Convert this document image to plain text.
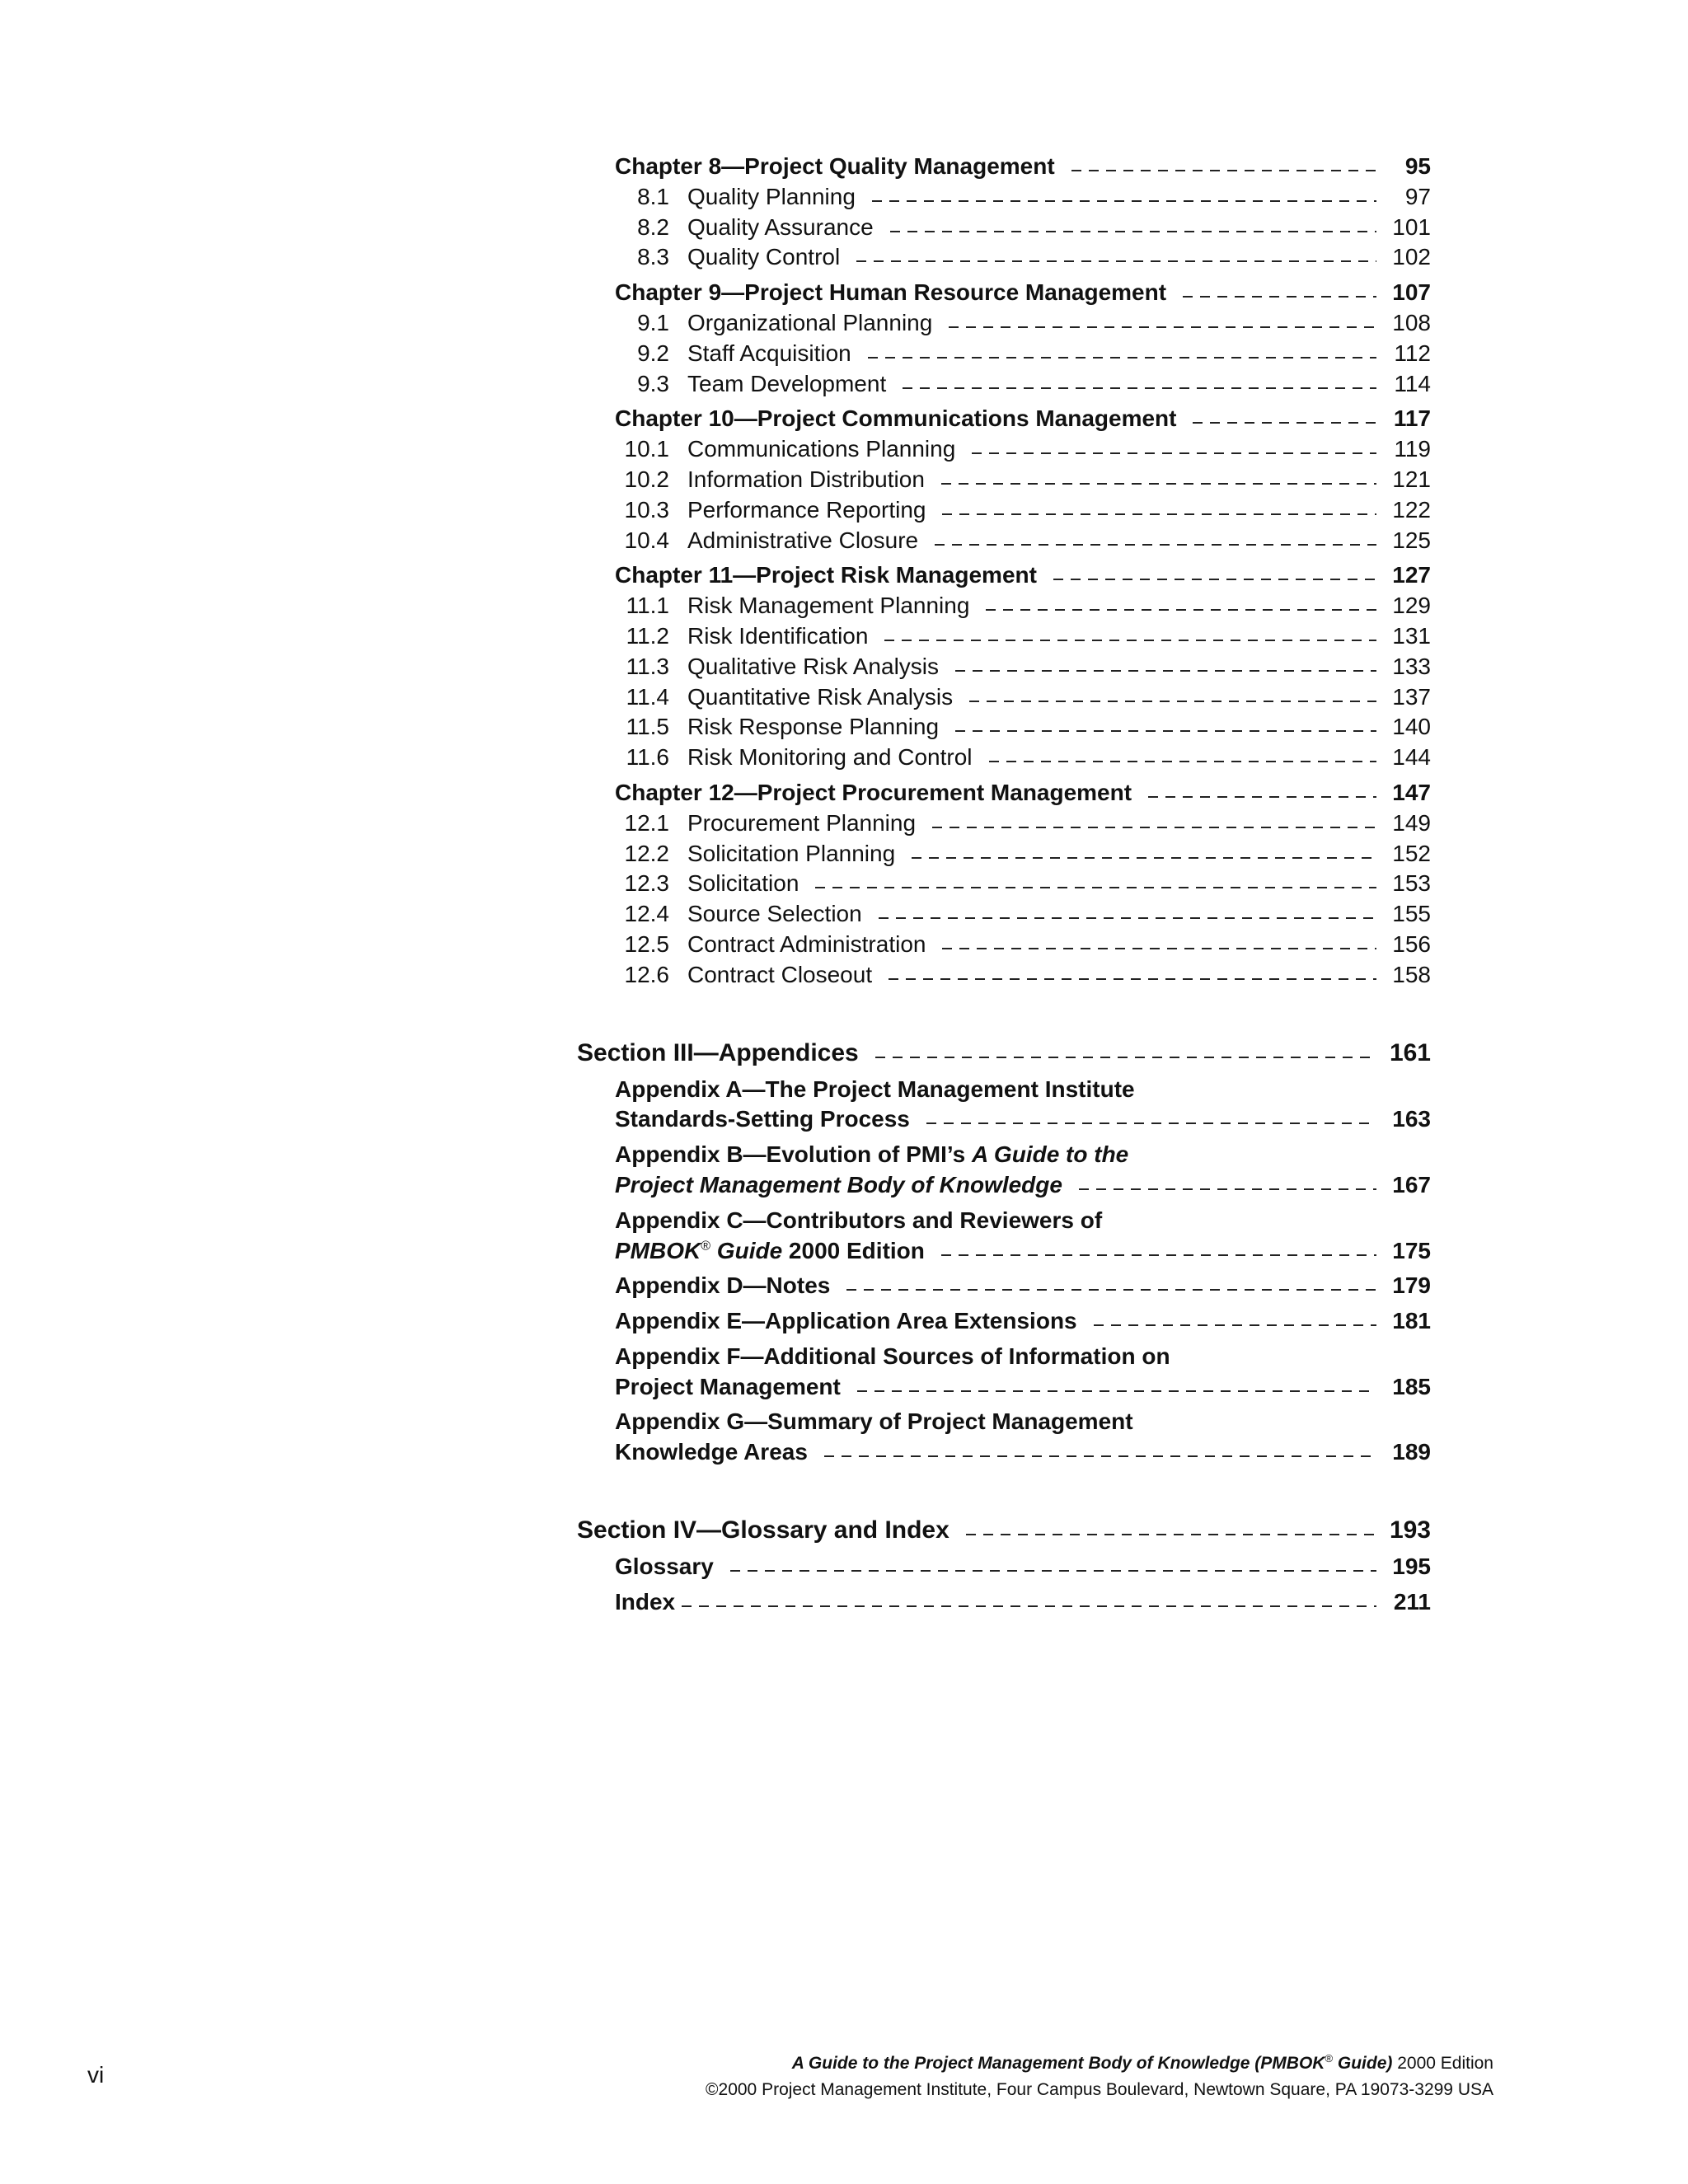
Chapter 8—Project Quality Management	95
8.1 Quality Planning	97
8.2 Quality Assurance	101
8.3 Quality Control	102
Chapter 9—Project Human Resource Management	107
9.1 Organizational Planning	108
9.2 Staff Acquisition	112
9.3 Team Development	114
Chapter 10—Project Communications Management	117
10.1 Communications Planning	119
10.2 Information Distribution	121
10.3 Performance Reporting	122
10.4 Administrative Closure	125
Chapter 11—Project Risk Management	127
11.1 Risk Management Planning	129
11.2 Risk Identification	131
11.3 Qualitative Risk Analysis	133
11.4 Quantitative Risk Analysis	137
11.5 Risk Response Planning	140
11.6 Risk Monitoring and Control	144
Chapter 12—Project Procurement Management	147
12.1 Procurement Planning	149
12.2 Solicitation Planning	152
12.3 Solicitation	153
12.4 Source Selection	155
12.5 Contract Administration	156
12.6 Contract Closeout	158
Section III—Appendices	161
Appendix A—The Project Management Institute
Standards-Setting Process	163
Appendix B—Evolution of PMI’s A Guide to the
Project Management Body of Knowledge	167
Appendix C—Contributors and Reviewers of
PMBOK® Guide 2000 Edition	175
Appendix D—Notes	179
Appendix E—Application Area Extensions	181
Appendix F—Additional Sources of Information on
Project Management	185
Appendix G—Summary of Project Management
Knowledge Areas	189
Section IV—Glossary and Index	193
Glossary	195
Index	211
vi	A Guide to the Project Management Body of Knowledge (PMBOK® Guide) 2000 Edition
©2000 Project Management Institute, Four Campus Boulevard, Newtown Square, PA 19073-3299 USA
